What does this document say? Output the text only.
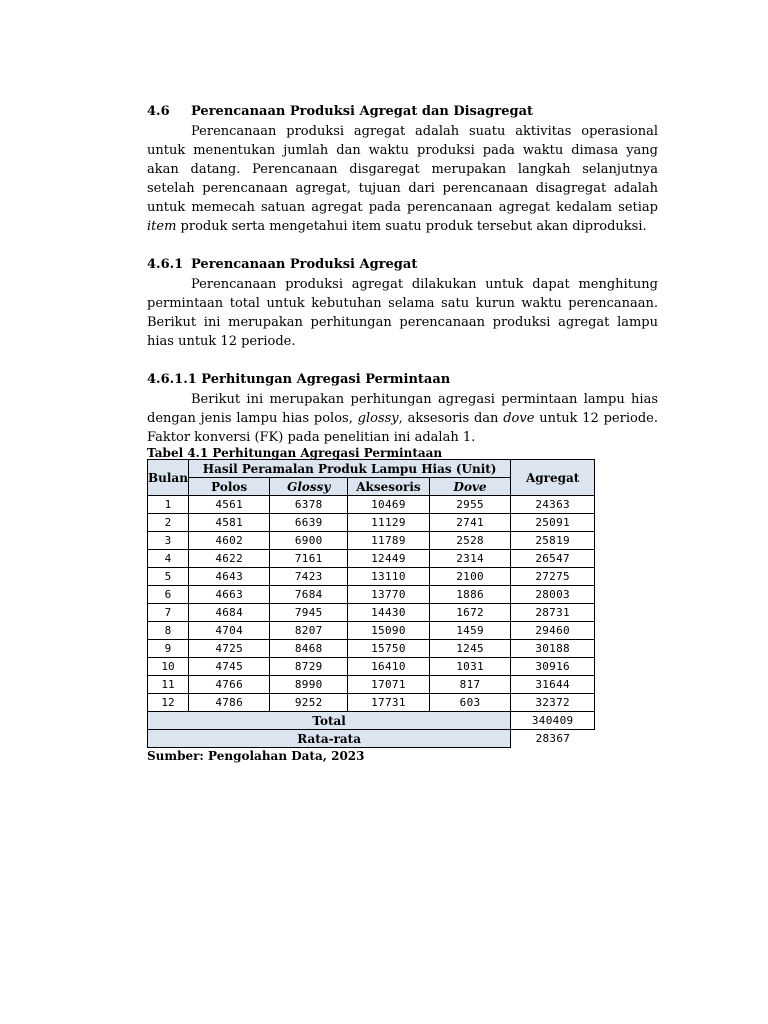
4.6	Perencanaan Produksi Agregat dan Disagregat

Perencanaan produksi agregat adalah suatu aktivitas operasional untuk menentukan jumlah dan waktu produksi pada waktu dimasa yang akan datang. Perencanaan disgaregat merupakan langkah selanjutnya setelah perencanaan agregat, tujuan dari perencanaan disagregat adalah untuk memecah satuan agregat pada perencanaan agregat kedalam setiap item produk serta mengetahui item suatu produk tersebut akan diproduksi.

4.6.1 Perencanaan Produksi Agregat

Perencanaan produksi agregat dilakukan untuk dapat menghitung permintaan total untuk kebutuhan selama satu kurun waktu perencanaan. Berikut ini merupakan perhitungan perencanaan produksi agregat lampu hias untuk 12 periode.

4.6.1.1 Perhitungan Agregasi Permintaan

Berikut ini merupakan perhitungan agregasi permintaan lampu hias dengan jenis lampu hias polos, glossy, aksesoris dan dove untuk 12 periode. Faktor konversi (FK) pada penelitian ini adalah 1.

Tabel 4.1 Perhitungan Agregasi Permintaan
Bulan	Hasil Peramalan Produk Lampu Hias (Unit)				Agregat
	Polos	Glossy	Aksesoris	Dove	
1	4561	6378	10469	2955	24363
2	4581	6639	11129	2741	25091
3	4602	6900	11789	2528	25819
4	4622	7161	12449	2314	26547
5	4643	7423	13110	2100	27275
6	4663	7684	13770	1886	28003
7	4684	7945	14430	1672	28731
8	4704	8207	15090	1459	29460
9	4725	8468	15750	1245	30188
10	4745	8729	16410	1031	30916
11	4766	8990	17071	817	31644
12	4786	9252	17731	603	32372
Total					340409
Rata-rata					28367
Sumber: Pengolahan Data, 2023
